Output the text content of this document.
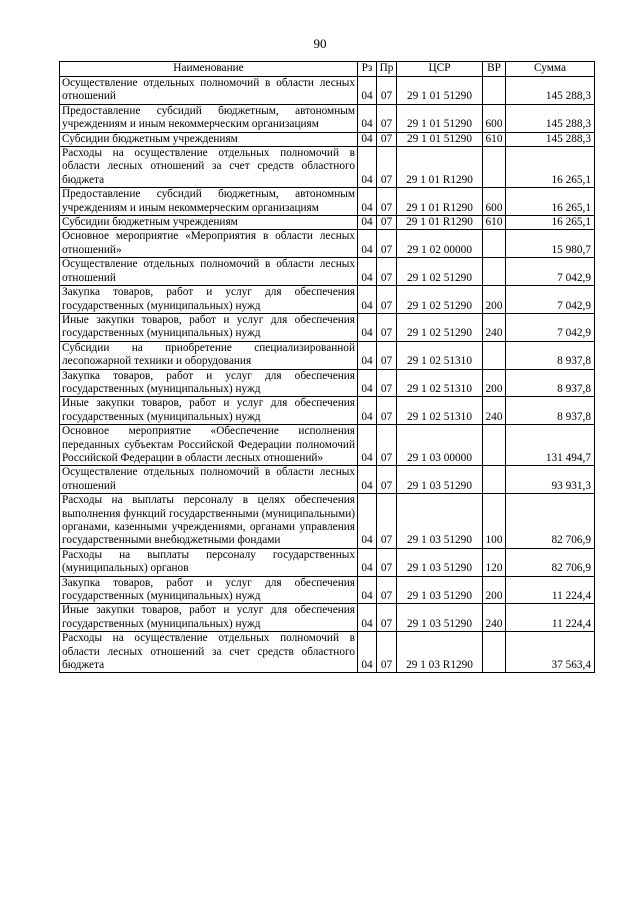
90
Наименование	Рз	Пр	ЦСР	ВР	Сумма
Осуществление отдельных полномочий в области лесных отношений	04	07	29 1 01 51290		145 288,3
Предоставление субсидий бюджетным, автономным учреждениям и иным некоммерческим организациям	04	07	29 1 01 51290	600	145 288,3
Субсидии бюджетным учреждениям	04	07	29 1 01 51290	610	145 288,3
Расходы на осуществление отдельных полномочий в области лесных отношений за счет средств областного бюджета	04	07	29 1 01 R1290		16 265,1
Предоставление субсидий бюджетным, автономным учреждениям и иным некоммерческим организациям	04	07	29 1 01 R1290	600	16 265,1
Субсидии бюджетным учреждениям	04	07	29 1 01 R1290	610	16 265,1
Основное мероприятие «Мероприятия в области лесных отношений»	04	07	29 1 02 00000		15 980,7
Осуществление отдельных полномочий в области лесных отношений	04	07	29 1 02 51290		7 042,9
Закупка товаров, работ и услуг для обеспечения государственных (муниципальных) нужд	04	07	29 1 02 51290	200	7 042,9
Иные закупки товаров, работ и услуг для обеспечения государственных (муниципальных) нужд	04	07	29 1 02 51290	240	7 042,9
Субсидии на приобретение специализированной лесопожарной техники и оборудования	04	07	29 1 02 51310		8 937,8
Закупка товаров, работ и услуг для обеспечения государственных (муниципальных) нужд	04	07	29 1 02 51310	200	8 937,8
Иные закупки товаров, работ и услуг для обеспечения государственных (муниципальных) нужд	04	07	29 1 02 51310	240	8 937,8
Основное мероприятие «Обеспечение исполнения переданных субъектам Российской Федерации полномочий Российской Федерации в области лесных отношений»	04	07	29 1 03 00000		131 494,7
Осуществление отдельных полномочий в области лесных отношений	04	07	29 1 03 51290		93 931,3
Расходы на выплаты персоналу в целях обеспечения выполнения функций государственными (муниципальными) органами, казенными учреждениями, органами управления государственными внебюджетными фондами	04	07	29 1 03 51290	100	82 706,9
Расходы на выплаты персоналу государственных (муниципальных) органов	04	07	29 1 03 51290	120	82 706,9
Закупка товаров, работ и услуг для обеспечения государственных (муниципальных) нужд	04	07	29 1 03 51290	200	11 224,4
Иные закупки товаров, работ и услуг для обеспечения государственных (муниципальных) нужд	04	07	29 1 03 51290	240	11 224,4
Расходы на осуществление отдельных полномочий в области лесных отношений за счет средств областного бюджета	04	07	29 1 03 R1290		37 563,4
